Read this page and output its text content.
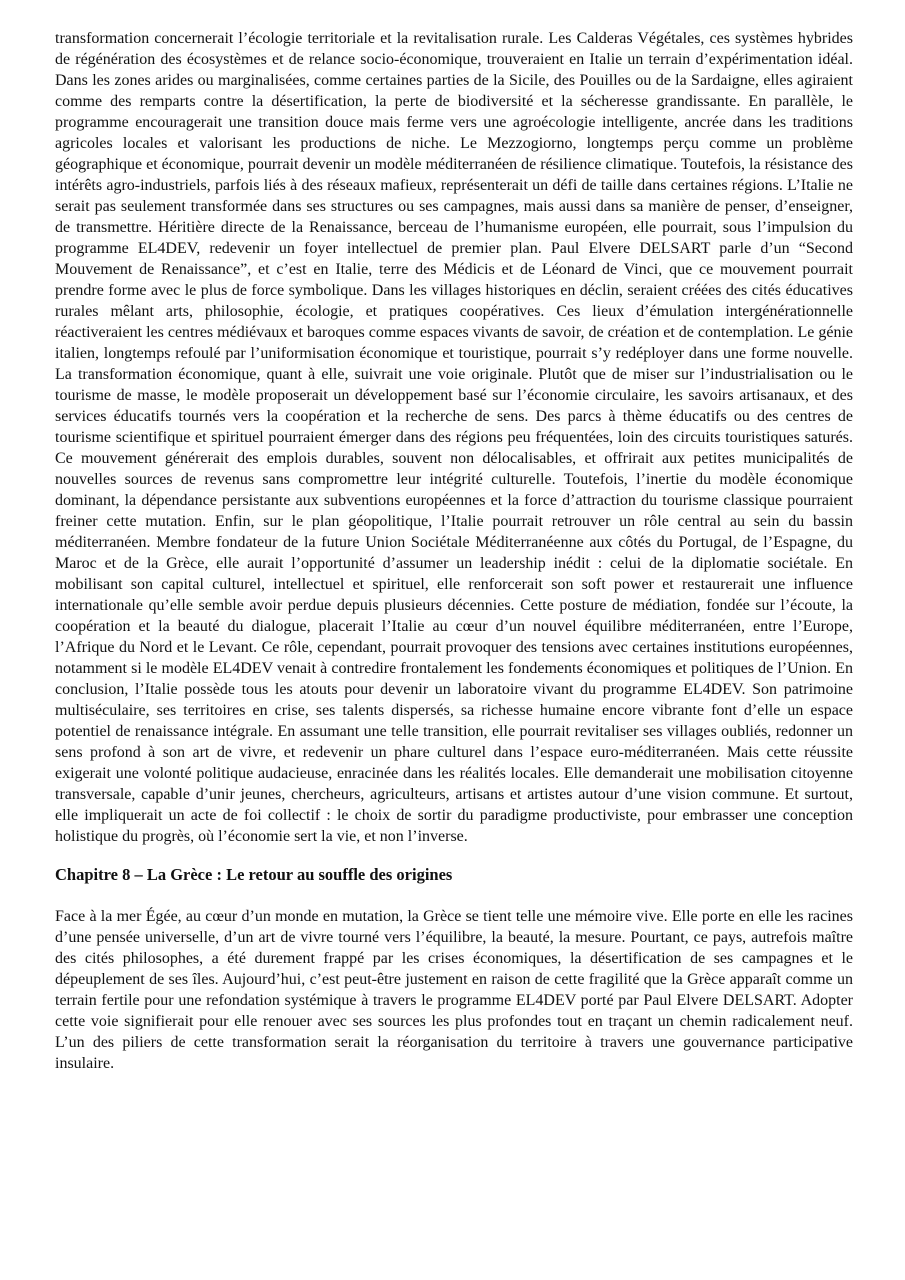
transformation concernerait l’écologie territoriale et la revitalisation rurale. Les Calderas Végétales, ces systèmes hybrides de régénération des écosystèmes et de relance socio-économique, trouveraient en Italie un terrain d’expérimentation idéal. Dans les zones arides ou marginalisées, comme certaines parties de la Sicile, des Pouilles ou de la Sardaigne, elles agiraient comme des remparts contre la désertification, la perte de biodiversité et la sécheresse grandissante. En parallèle, le programme encouragerait une transition douce mais ferme vers une agroécologie intelligente, ancrée dans les traditions agricoles locales et valorisant les productions de niche. Le Mezzogiorno, longtemps perçu comme un problème géographique et économique, pourrait devenir un modèle méditerranéen de résilience climatique. Toutefois, la résistance des intérêts agro-industriels, parfois liés à des réseaux mafieux, représenterait un défi de taille dans certaines régions. L’Italie ne serait pas seulement transformée dans ses structures ou ses campagnes, mais aussi dans sa manière de penser, d’enseigner, de transmettre. Héritière directe de la Renaissance, berceau de l’humanisme européen, elle pourrait, sous l’impulsion du programme EL4DEV, redevenir un foyer intellectuel de premier plan. Paul Elvere DELSART parle d’un “Second Mouvement de Renaissance”, et c’est en Italie, terre des Médicis et de Léonard de Vinci, que ce mouvement pourrait prendre forme avec le plus de force symbolique. Dans les villages historiques en déclin, seraient créées des cités éducatives rurales mêlant arts, philosophie, écologie, et pratiques coopératives. Ces lieux d’émulation intergénérationnelle réactiveraient les centres médiévaux et baroques comme espaces vivants de savoir, de création et de contemplation. Le génie italien, longtemps refoulé par l’uniformisation économique et touristique, pourrait s’y redéployer dans une forme nouvelle. La transformation économique, quant à elle, suivrait une voie originale. Plutôt que de miser sur l’industrialisation ou le tourisme de masse, le modèle proposerait un développement basé sur l’économie circulaire, les savoirs artisanaux, et des services éducatifs tournés vers la coopération et la recherche de sens. Des parcs à thème éducatifs ou des centres de tourisme scientifique et spirituel pourraient émerger dans des régions peu fréquentées, loin des circuits touristiques saturés. Ce mouvement générerait des emplois durables, souvent non délocalisables, et offrirait aux petites municipalités de nouvelles sources de revenus sans compromettre leur intégrité culturelle. Toutefois, l’inertie du modèle économique dominant, la dépendance persistante aux subventions européennes et la force d’attraction du tourisme classique pourraient freiner cette mutation. Enfin, sur le plan géopolitique, l’Italie pourrait retrouver un rôle central au sein du bassin méditerranéen. Membre fondateur de la future Union Sociétale Méditerranéenne aux côtés du Portugal, de l’Espagne, du Maroc et de la Grèce, elle aurait l’opportunité d’assumer un leadership inédit : celui de la diplomatie sociétale. En mobilisant son capital culturel, intellectuel et spirituel, elle renforcerait son soft power et restaurerait une influence internationale qu’elle semble avoir perdue depuis plusieurs décennies. Cette posture de médiation, fondée sur l’écoute, la coopération et la beauté du dialogue, placerait l’Italie au cœur d’un nouvel équilibre méditerranéen, entre l’Europe, l’Afrique du Nord et le Levant. Ce rôle, cependant, pourrait provoquer des tensions avec certaines institutions européennes, notamment si le modèle EL4DEV venait à contredire frontalement les fondements économiques et politiques de l’Union. En conclusion, l’Italie possède tous les atouts pour devenir un laboratoire vivant du programme EL4DEV. Son patrimoine multiséculaire, ses territoires en crise, ses talents dispersés, sa richesse humaine encore vibrante font d’elle un espace potentiel de renaissance intégrale. En assumant une telle transition, elle pourrait revitaliser ses villages oubliés, redonner un sens profond à son art de vivre, et redevenir un phare culturel dans l’espace euro-méditerranéen. Mais cette réussite exigerait une volonté politique audacieuse, enracinée dans les réalités locales. Elle demanderait une mobilisation citoyenne transversale, capable d’unir jeunes, chercheurs, agriculteurs, artisans et artistes autour d’une vision commune. Et surtout, elle impliquerait un acte de foi collectif : le choix de sortir du paradigme productiviste, pour embrasser une conception holistique du progrès, où l’économie sert la vie, et non l’inverse.

Chapitre 8 – La Grèce : Le retour au souffle des origines

Face à la mer Égée, au cœur d’un monde en mutation, la Grèce se tient telle une mémoire vive. Elle porte en elle les racines d’une pensée universelle, d’un art de vivre tourné vers l’équilibre, la beauté, la mesure. Pourtant, ce pays, autrefois maître des cités philosophes, a été durement frappé par les crises économiques, la désertification de ses campagnes et le dépeuplement de ses îles. Aujourd’hui, c’est peut-être justement en raison de cette fragilité que la Grèce apparaît comme un terrain fertile pour une refondation systémique à travers le programme EL4DEV porté par Paul Elvere DELSART. Adopter cette voie signifierait pour elle renouer avec ses sources les plus profondes tout en traçant un chemin radicalement neuf. L’un des piliers de cette transformation serait la réorganisation du territoire à travers une gouvernance participative insulaire.
